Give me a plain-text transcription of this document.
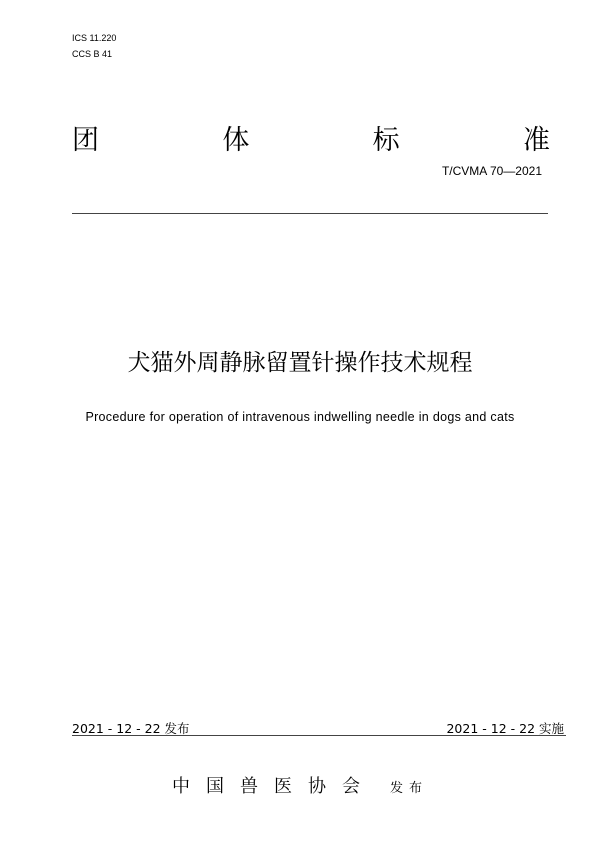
ICS 11.220
CCS B 41
团	体	标	准
T/CVMA 70—2021
犬猫外周静脉留置针操作技术规程
Procedure for operation of intravenous indwelling needle in dogs and cats
2021 - 12 - 22 发布	2021 - 12 - 22 实施
中国兽医协会 发布
